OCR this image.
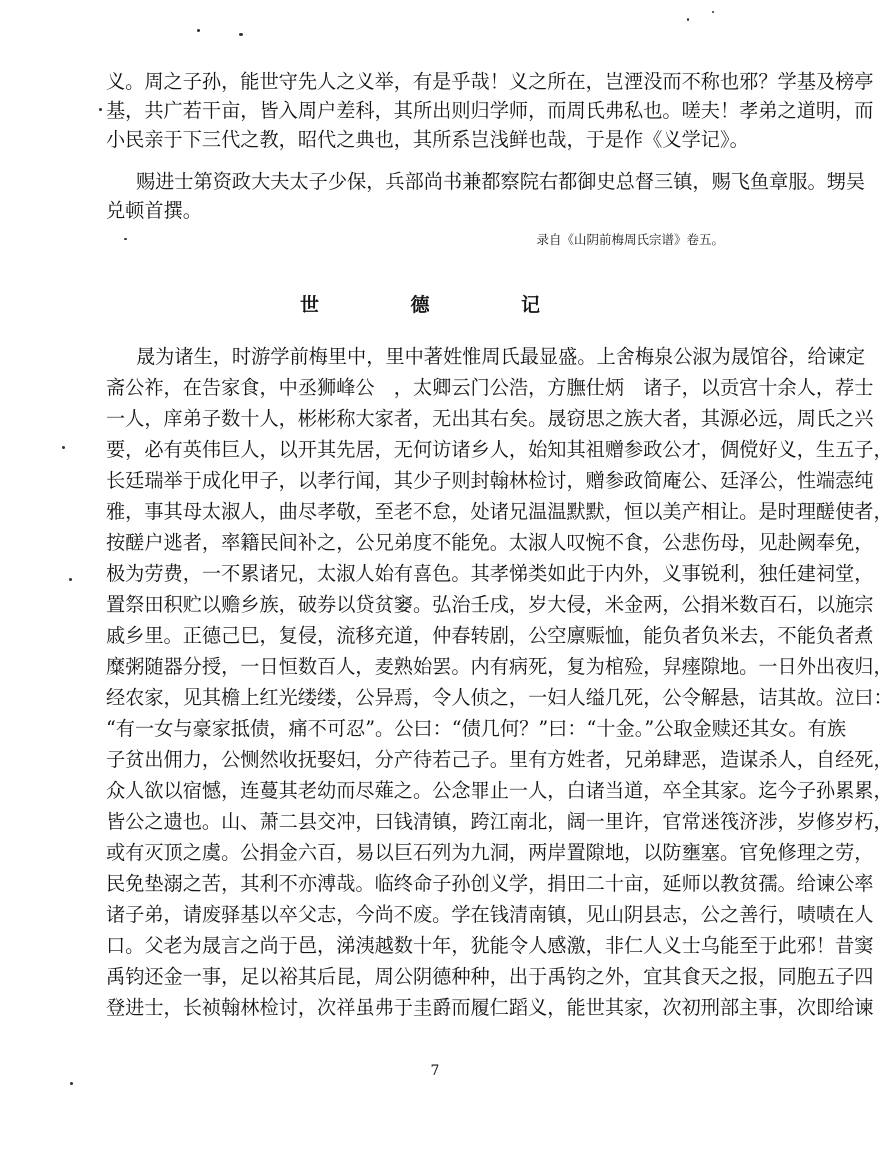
义。周之子孙，能世守先人之义举，有是乎哉！义之所在，岂湮没而不称也邪？学基及榜亭
基，共广若干亩，皆入周户差科，其所出则归学师，而周氏弗私也。嗟夫！孝弟之道明，而
小民亲于下三代之教，昭代之典也，其所系岂浅鲜也哉，于是作《义学记》。
赐进士第资政大夫太子少保，兵部尚书兼都察院右都御史总督三镇，赐飞鱼章服。甥吴
兑顿首撰。
录自《山阴前梅周氏宗谱》卷五。
世　德　记
晟为诸生，时游学前梅里中，里中著姓惟周氏最显盛。上舍梅泉公淑为晟馆谷，给谏定
斋公祚，在告家食，中丞狮峰公　，太卿云门公浩，方膴仕炳　诸子，以贡宫十余人，荐士
一人，庠弟子数十人，彬彬称大家者，无出其右矣。晟窃思之族大者，其源必远，周氏之兴
要，必有英伟巨人，以开其先居，无何访诸乡人，始知其祖赠参政公才，倜傥好义，生五子，
长廷瑞举于成化甲子，以孝行闻，其少子则封翰林检讨，赠参政简庵公、廷泽公，性端悫纯
雅，事其母太淑人，曲尽孝敬，至老不怠，处诸兄温温默默，恒以美产相让。是时理醝使者，
按醝户逃者，率籍民间补之，公兄弟度不能免。太淑人叹惋不食，公悲伤母，见赴阙奉免，
极为劳费，一不累诸兄，太淑人始有喜色。其孝悌类如此于内外，义事锐利，独任建祠堂，
置祭田积贮以赡乡族，破券以贷贫窭。弘治壬戌，岁大侵，米金两，公捐米数百石，以施宗
戚乡里。正德己巳，复侵，流移充道，仲春转剧，公空廪赈恤，能负者负米去，不能负者煮
糜粥随器分授，一日恒数百人，麦熟始罢。内有病死，复为棺殓，舁瘗隙地。一日外出夜归，
经农家，见其檐上红光缕缕，公异焉，令人侦之，一妇人缢几死，公令解悬，诘其故。泣曰：
“有一女与豪家抵债，痛不可忍”。公曰：“债几何？”曰：“十金。”公取金赎还其女。有族
子贫出佣力，公恻然收抚娶妇，分产待若己子。里有方姓者，兄弟肆恶，造谋杀人，自经死，
众人欲以宿憾，连蔓其老幼而尽薙之。公念罪止一人，白诸当道，卒全其家。迄今子孙累累，
皆公之遗也。山、萧二县交冲，曰钱清镇，跨江南北，阔一里许，官常迷筏济涉，岁修岁朽，
或有灭顶之虞。公捐金六百，易以巨石列为九洞，两岸置隙地，以防壅塞。官免修理之劳，
民免垫溺之苦，其利不亦溥哉。临终命子孙创义学，捐田二十亩，延师以教贫孺。给谏公率
诸子弟，请废驿基以卒父志，今尚不废。学在钱清南镇，见山阴县志，公之善行，啧啧在人
口。父老为晟言之尚于邑，涕洟越数十年，犹能令人感激，非仁人义士乌能至于此邪！昔窦
禹钧还金一事，足以裕其后昆，周公阴德种种，出于禹钧之外，宜其食天之报，同胞五子四
登进士，长祯翰林检讨，次祥虽弗于圭爵而履仁蹈义，能世其家，次初刑部主事，次即给谏
7
